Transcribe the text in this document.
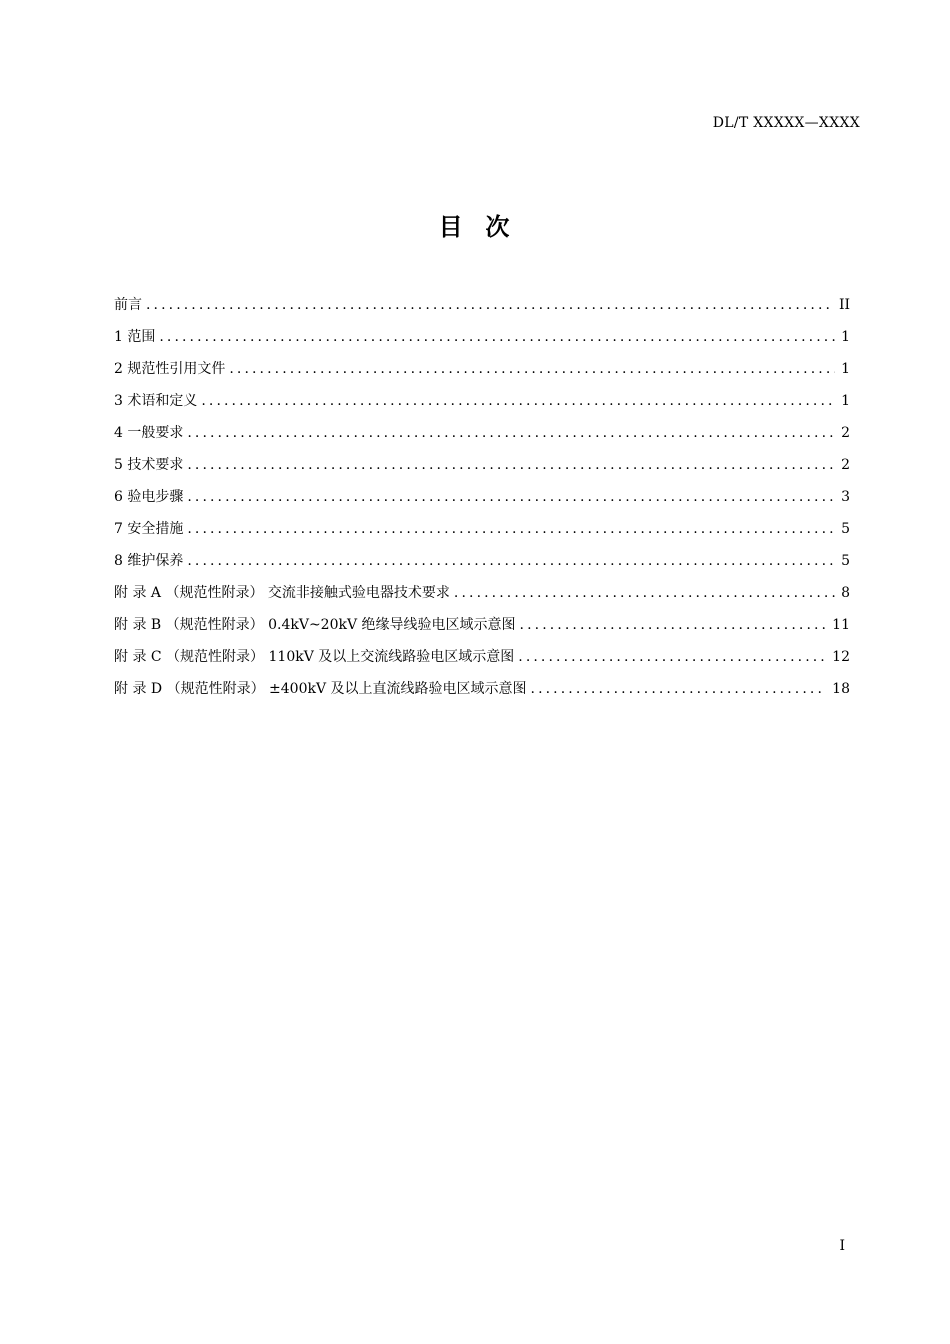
DL/T XXXXX—XXXX
目  次
前言 .....	II
1 范围 .....	1
2 规范性引用文件 .....	1
3 术语和定义 .....	1
4 一般要求 .....	2
5 技术要求 .....	2
6 验电步骤 .....	3
7 安全措施 .....	5
8 维护保养 .....	5
附 录 A （规范性附录） 交流非接触式验电器技术要求 .....	8
附 录 B （规范性附录） 0.4kV~20kV 绝缘导线验电区域示意图 .....	11
附 录 C （规范性附录） 110kV 及以上交流线路验电区域示意图 .....	12
附 录 D （规范性附录） ±400kV 及以上直流线路验电区域示意图 .....	18
I
